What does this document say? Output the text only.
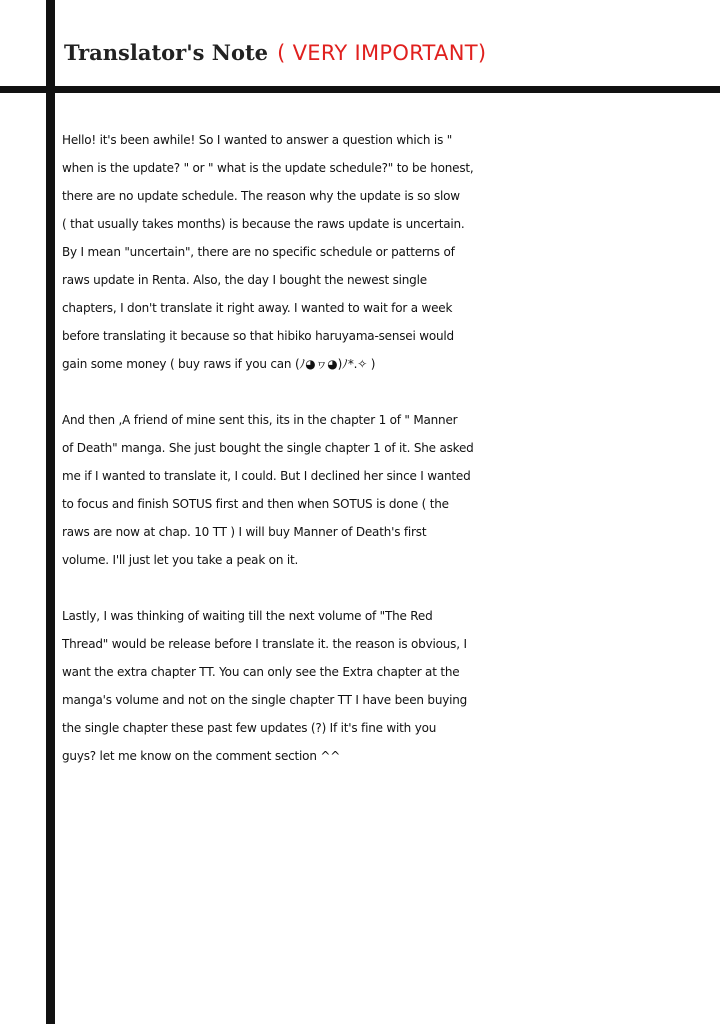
Translator's Note ( VERY IMPORTANT)
Hello! it's been awhile! So I wanted to answer a question which is "
when is the update? " or " what is the update schedule?" to be honest,
there are no update schedule. The reason why the update is so slow
( that usually takes months) is because the raws update is uncertain.
By I mean "uncertain", there are no specific schedule or patterns of
raws update in Renta. Also, the day I bought the newest single
chapters, I don't translate it right away. I wanted to wait for a week
before translating it because so that hibiko haruyama-sensei would
gain some money ( buy raws if you can (ﾉ◕ヮ◕)ﾉ*.✧ )
And then ,A friend of mine sent this, its in the chapter 1 of " Manner
of Death" manga. She just bought the single chapter 1 of it. She asked
me if I wanted to translate it, I could. But I declined her since I wanted
to focus and finish SOTUS first and then when SOTUS is done ( the
raws are now at chap. 10 TT ) I will buy Manner of Death's first
volume. I'll just let you take a peak on it.
Lastly, I was thinking of waiting till the next volume of "The Red
Thread" would be release before I translate it. the reason is obvious, I
want the extra chapter TT. You can only see the Extra chapter at the
manga's volume and not on the single chapter TT I have been buying
the single chapter these past few updates (?) If it's fine with you
guys? let me know on the comment section ^^
